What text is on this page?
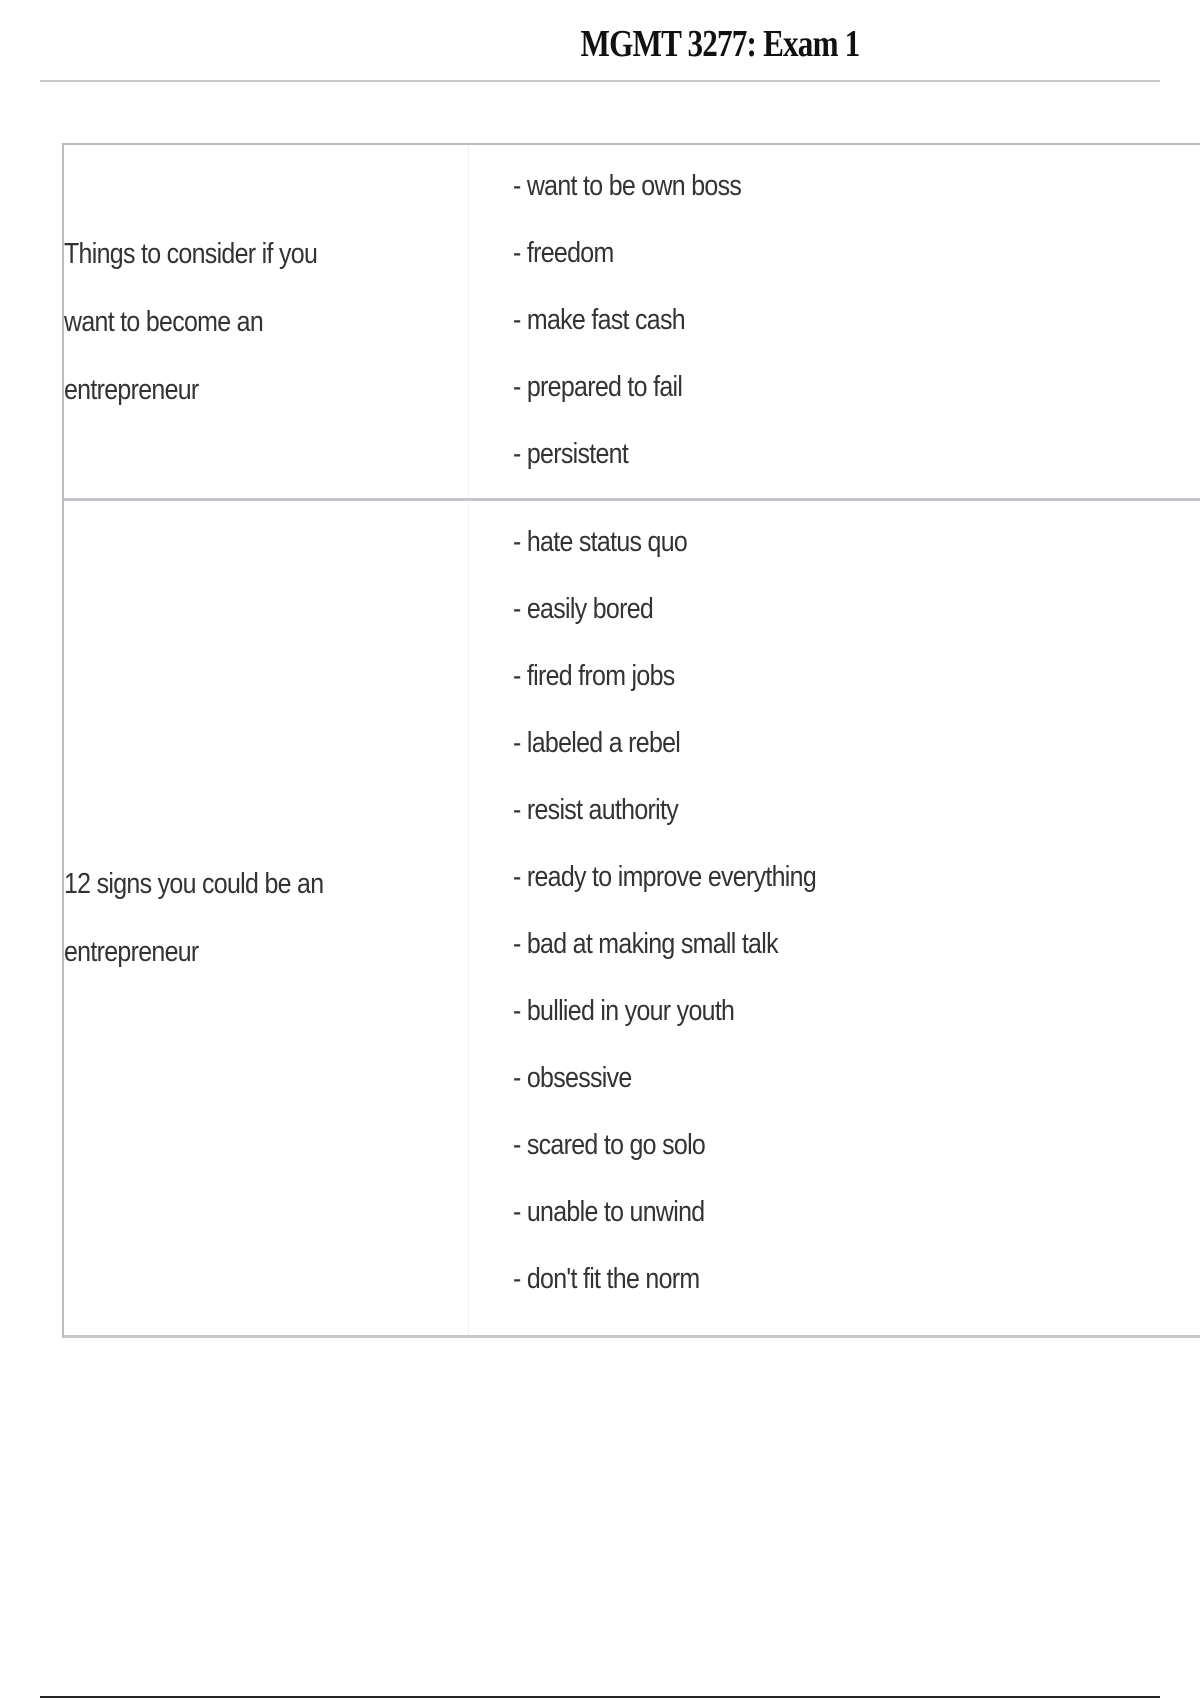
MGMT 3277: Exam 1
Things to consider if you want to become an entrepreneur
- want to be own boss
- freedom
- make fast cash
- prepared to fail
- persistent
12 signs you could be an entrepreneur
- hate status quo
- easily bored
- fired from jobs
- labeled a rebel
- resist authority
- ready to improve everything
- bad at making small talk
- bullied in your youth
- obsessive
- scared to go solo
- unable to unwind
- don't fit the norm
